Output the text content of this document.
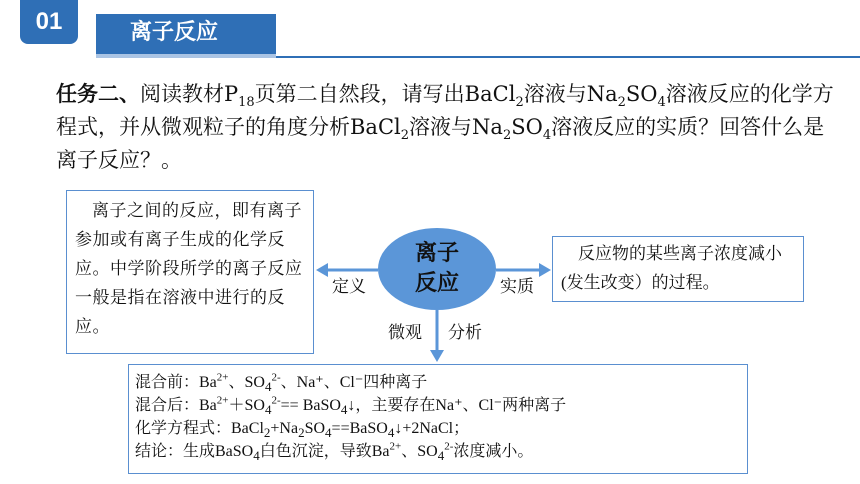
01	离子反应
任务二、阅读教材$P_{18}$页第二自然段，请写出BaCl$_2$溶液与$Na_2SO_4$溶液反应的化学方程式，并从微观粒子的角度分析BaCl$_2$溶液与$Na_2SO_4$溶液反应的实质？回答什么是离子反应？。
离子之间的反应，即有离子参加或有离子生成的化学反应。中学阶段所学的离子反应一般是指在溶液中进行的反应。
反应物的某些离子浓度减小(发生改变）的过程。
离子
反应
定义	实质
微观 分析
混合前：$Ba^{2+}$、$SO_4^{2-}$、Na⁺、Cl⁻四种离子
混合后：$Ba^{2+}+SO_4^{2-}==$ BaSO$_4$↓，主要存在Na⁺、Cl⁻两种离子
化学方程式：$BaCl_2+Na_2SO_4==BaSO_4↓+2NaCl$；
结论：生成BaSO$_4$白色沉淀，导致$Ba^{2+}$、$SO_4^{2-}$浓度减小。
